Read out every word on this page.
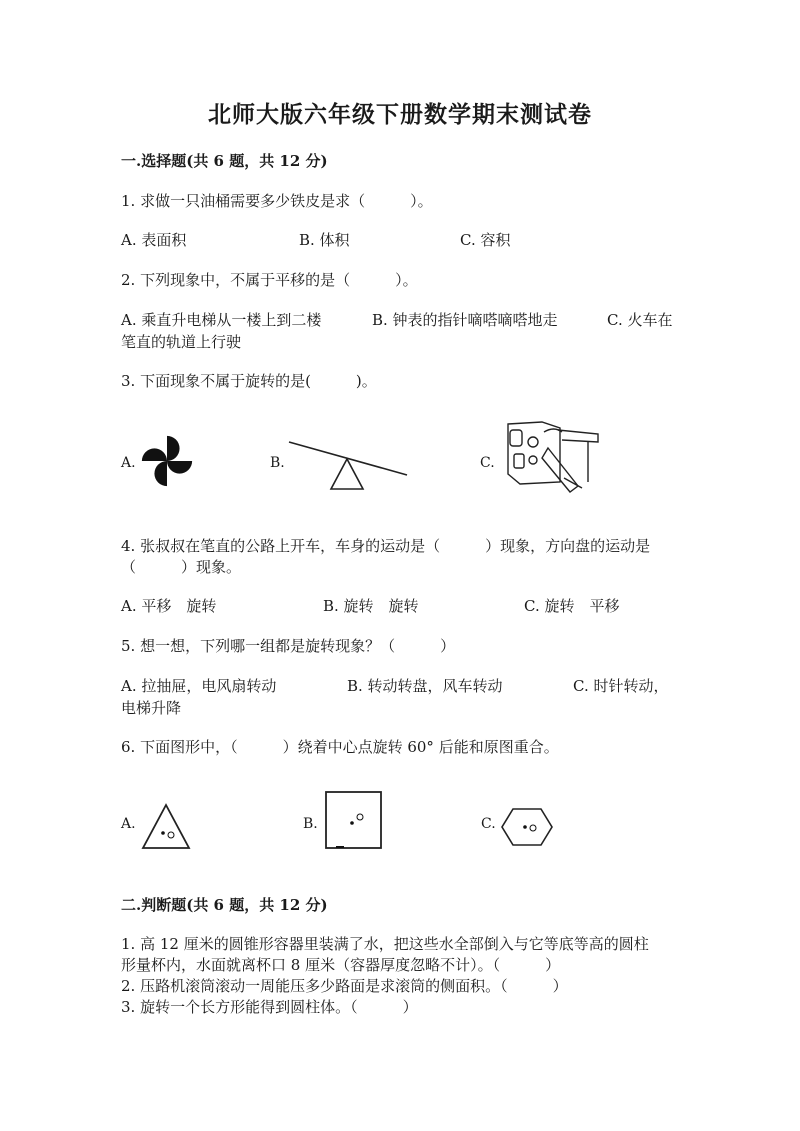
北师大版六年级下册数学期末测试卷
一.选择题(共 6 题，共 12 分)
1. 求做一只油桶需要多少铁皮是求（　　　）。
A. 表面积	B. 体积	C. 容积
2. 下列现象中，不属于平移的是（　　　）。
A. 乘直升电梯从一楼上到二楼	B. 钟表的指针嘀嗒嘀嗒地走	C. 火车在
笔直的轨道上行驶
3. 下面现象不属于旋转的是(　　　)。
A.	B.	C.
4. 张叔叔在笔直的公路上开车，车身的运动是（　　　）现象，方向盘的运动是
（　　　）现象。
A. 平移　旋转	B. 旋转　旋转	C. 旋转　平移
5. 想一想，下列哪一组都是旋转现象？（　　　）
A. 拉抽屉，电风扇转动	B. 转动转盘，风车转动	C. 时针转动，
电梯升降
6. 下面图形中，（　　　）绕着中心点旋转 60° 后能和原图重合。
A.	B.	C.
二.判断题(共 6 题，共 12 分)
1. 高 12 厘米的圆锥形容器里装满了水，把这些水全部倒入与它等底等高的圆柱
形量杯内，水面就离杯口 8 厘米（容器厚度忽略不计）。（　　　）
2. 压路机滚筒滚动一周能压多少路面是求滚筒的侧面积。（　　　）
3. 旋转一个长方形能得到圆柱体。（　　　）
